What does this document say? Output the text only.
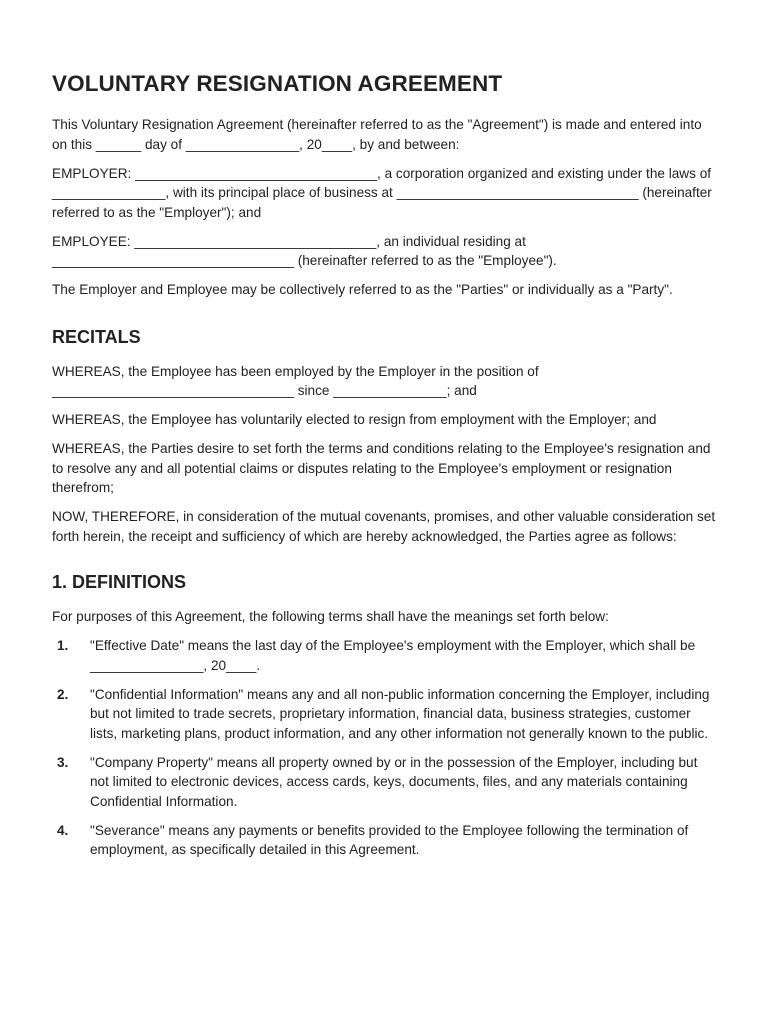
VOLUNTARY RESIGNATION AGREEMENT

This Voluntary Resignation Agreement (hereinafter referred to as the "Agreement") is made and entered into on this ______ day of _______________, 20____, by and between:

EMPLOYER: ________________________________, a corporation organized and existing under the laws of _______________, with its principal place of business at ________________________________ (hereinafter referred to as the "Employer"); and

EMPLOYEE: ________________________________, an individual residing at ________________________________ (hereinafter referred to as the "Employee").

The Employer and Employee may be collectively referred to as the "Parties" or individually as a "Party".

RECITALS

WHEREAS, the Employee has been employed by the Employer in the position of ________________________________ since _______________; and

WHEREAS, the Employee has voluntarily elected to resign from employment with the Employer; and

WHEREAS, the Parties desire to set forth the terms and conditions relating to the Employee's resignation and to resolve any and all potential claims or disputes relating to the Employee's employment or resignation therefrom;

NOW, THEREFORE, in consideration of the mutual covenants, promises, and other valuable consideration set forth herein, the receipt and sufficiency of which are hereby acknowledged, the Parties agree as follows:

1. DEFINITIONS

For purposes of this Agreement, the following terms shall have the meanings set forth below:

1. "Effective Date" means the last day of the Employee's employment with the Employer, which shall be _______________, 20____.
2. "Confidential Information" means any and all non-public information concerning the Employer, including but not limited to trade secrets, proprietary information, financial data, business strategies, customer lists, marketing plans, product information, and any other information not generally known to the public.
3. "Company Property" means all property owned by or in the possession of the Employer, including but not limited to electronic devices, access cards, keys, documents, files, and any materials containing Confidential Information.
4. "Severance" means any payments or benefits provided to the Employee following the termination of employment, as specifically detailed in this Agreement.
